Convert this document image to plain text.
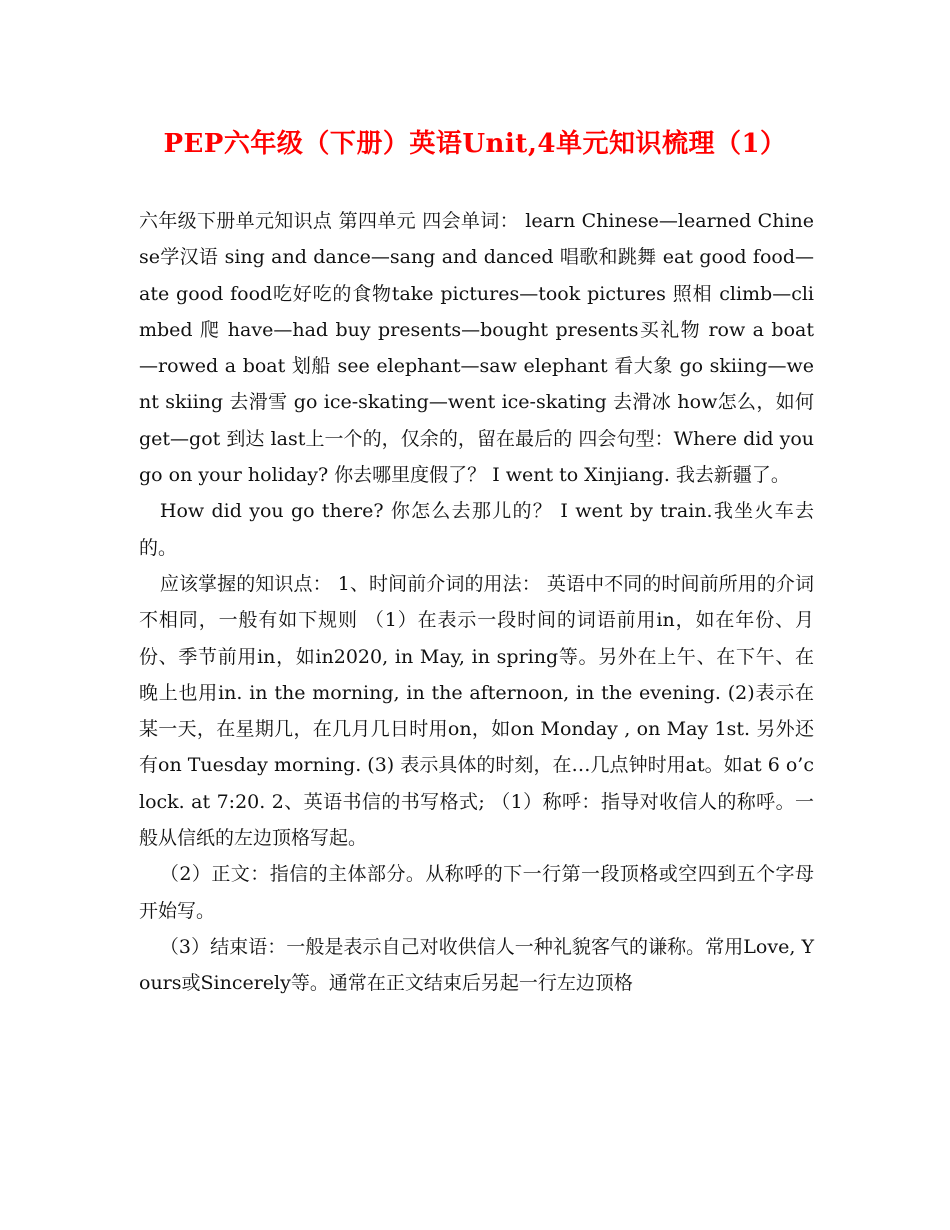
PEP六年级（下册）英语Unit,4单元知识梳理（1）

六年级下册单元知识点 第四单元 四会单词： learn Chinese—learned Chinese学汉语 sing and dance—sang and danced 唱歌和跳舞 eat good food—ate good food吃好吃的食物take pictures—took pictures 照相 climb—climbed 爬 have—had buy presents—bought presents买礼物 row a boat—rowed a boat 划船 see elephant—saw elephant 看大象 go skiing—went skiing 去滑雪 go ice-skating—went ice-skating 去滑冰 how怎么，如何 get—got 到达 last上一个的，仅余的，留在最后的 四会句型：Where did you go on your holiday? 你去哪里度假了？ I went to Xinjiang. 我去新疆了。

How did you go there? 你怎么去那儿的？ I went by train.我坐火车去的。

应该掌握的知识点： 1、时间前介词的用法： 英语中不同的时间前所用的介词不相同，一般有如下规则 （1）在表示一段时间的词语前用in，如在年份、月份、季节前用in，如in2020, in May, in spring等。另外在上午、在下午、在晚上也用in. in the morning, in the afternoon, in the evening. (2)表示在某一天，在星期几，在几月几日时用on，如on Monday , on May 1st. 另外还有on Tuesday morning. (3) 表示具体的时刻，在…几点钟时用at。如at 6 o’clock. at 7:20. 2、英语书信的书写格式; （1）称呼：指导对收信人的称呼。一般从信纸的左边顶格写起。

（2）正文：指信的主体部分。从称呼的下一行第一段顶格或空四到五个字母开始写。

（3）结束语：一般是表示自己对收供信人一种礼貌客气的谦称。常用Love, Yours或Sincerely等。通常在正文结束后另起一行左边顶格
